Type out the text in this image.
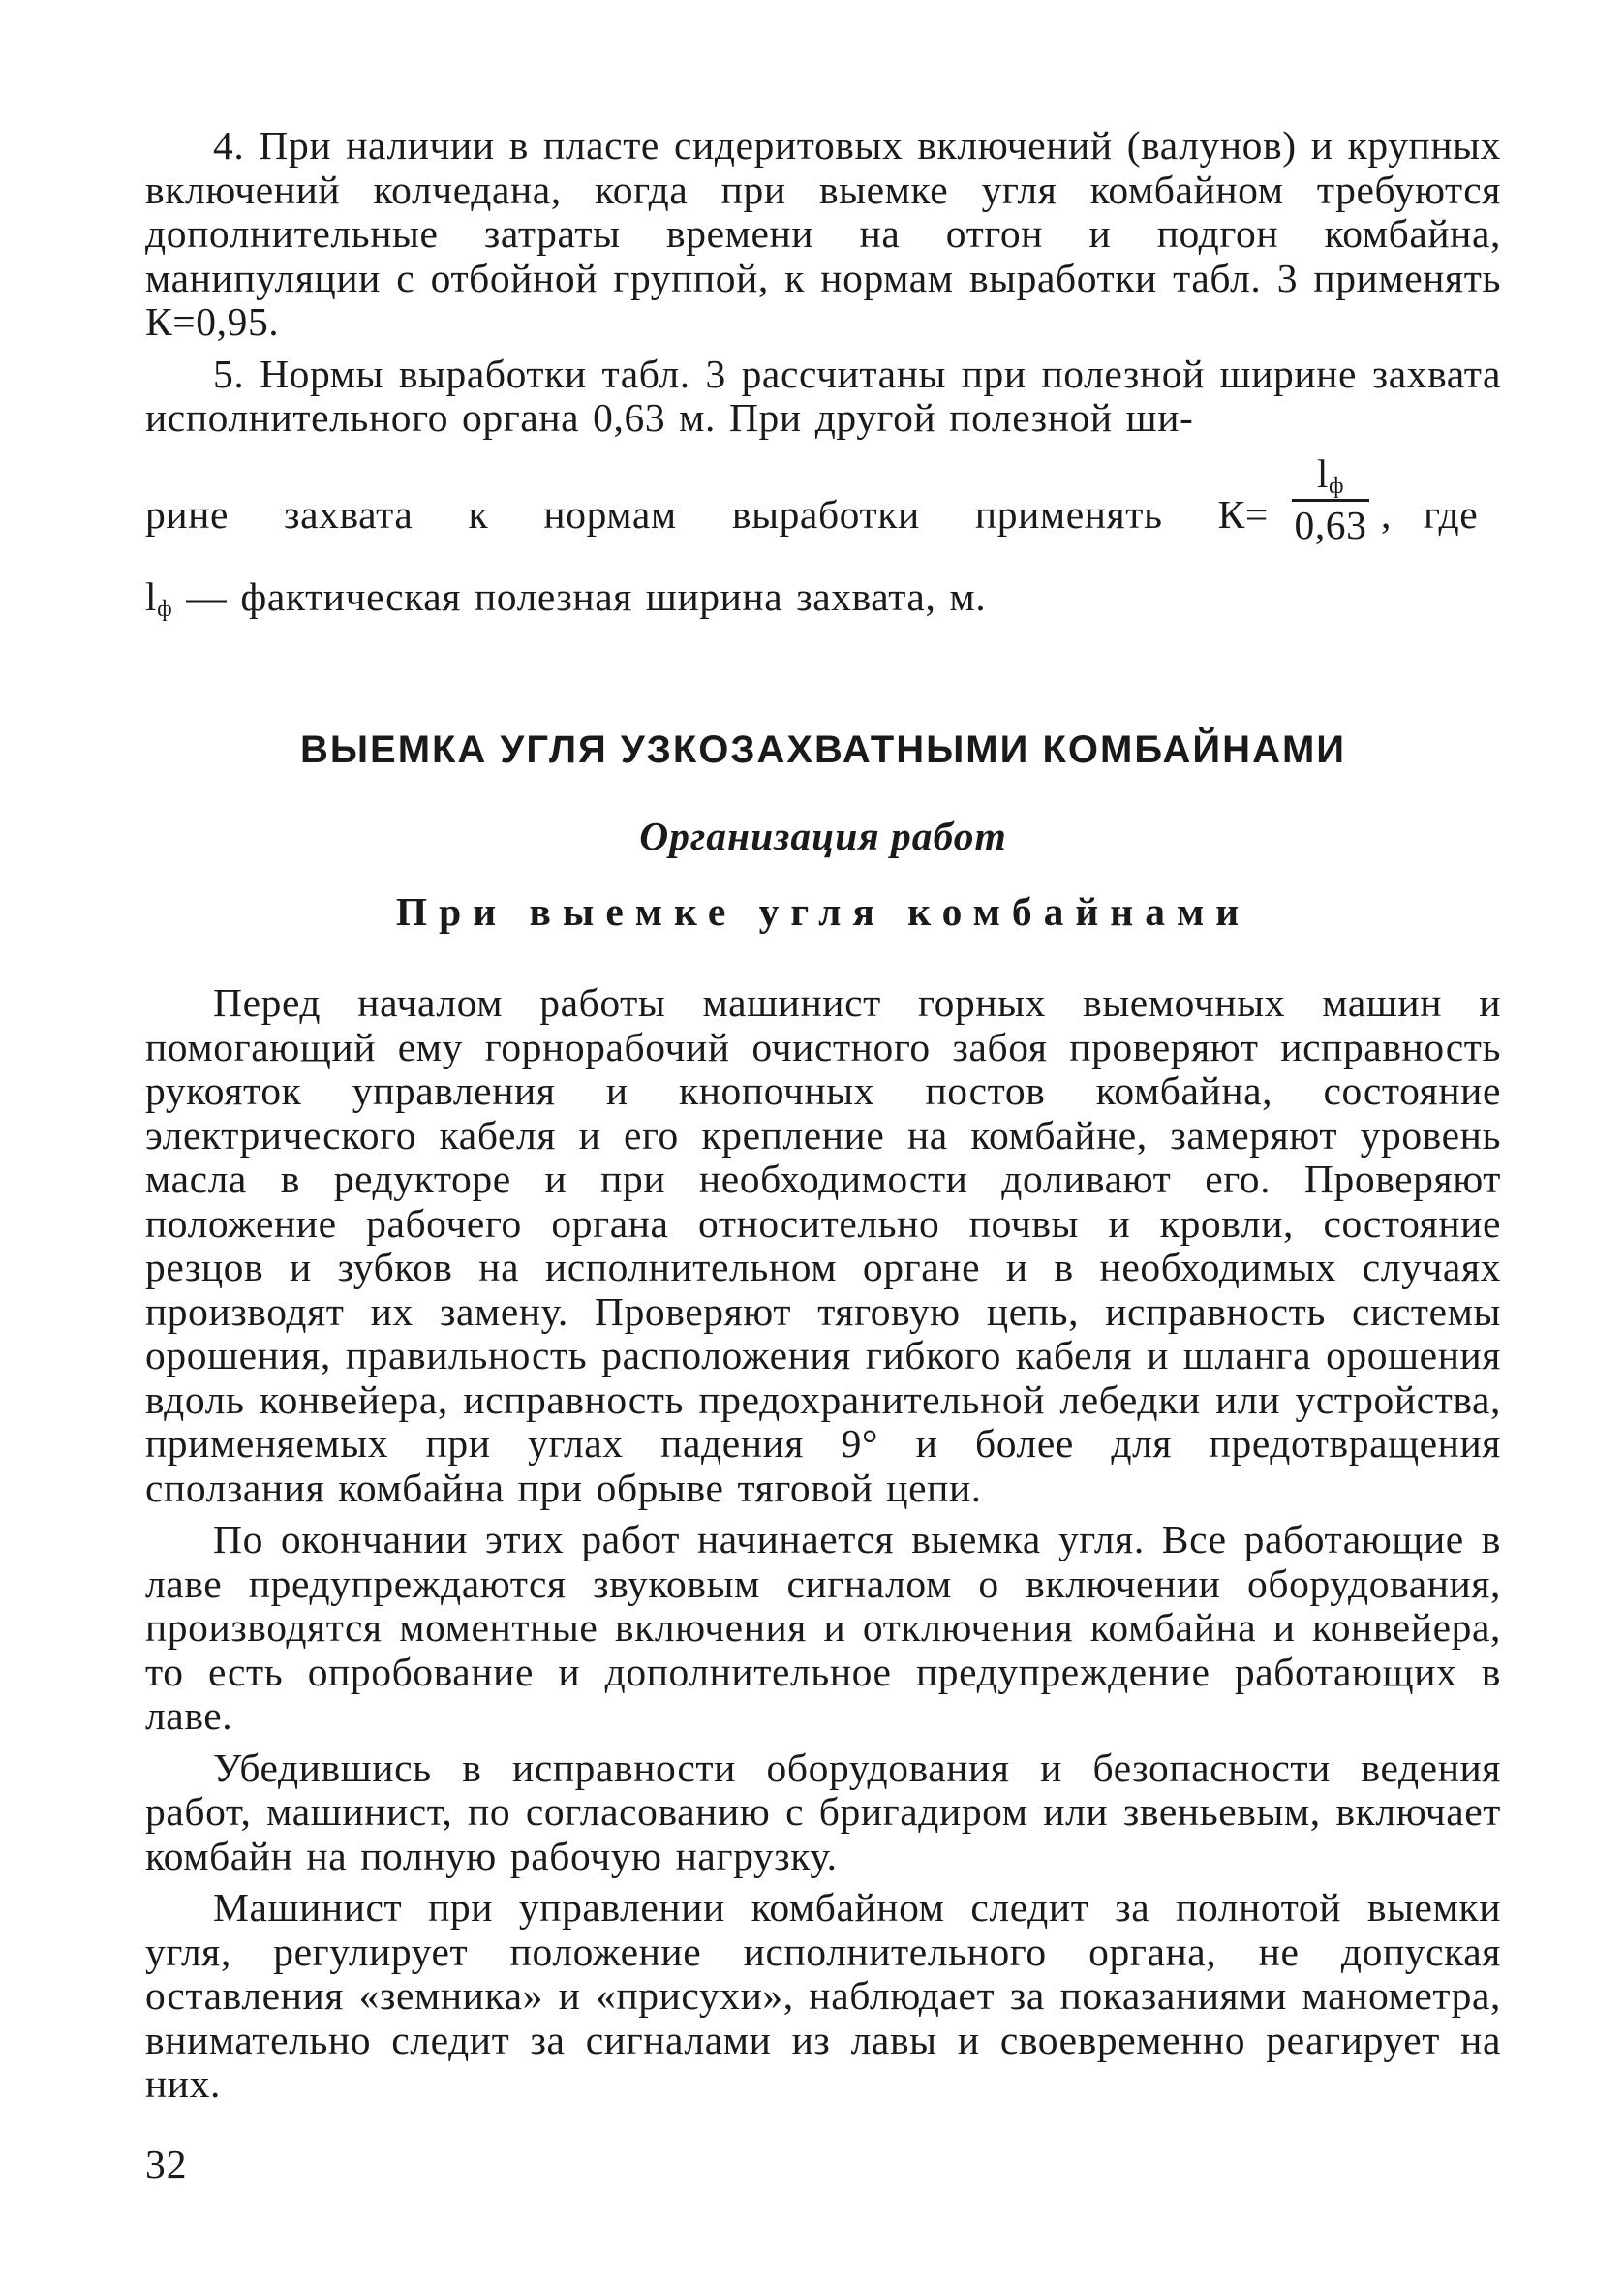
4. При наличии в пласте сидеритовых включений (валунов) и крупных включений колчедана, когда при выемке угля комбайном требуются дополнительные затраты времени на отгон и подгон комбайна, манипуляции с отбойной группой, к нормам выработки табл. 3 применять К=0,95.

5. Нормы выработки табл. 3 рассчитаны при полезной ширине захвата исполнительного органа 0,63 м. При другой полезной ши-

рине захвата к нормам выработки применять К=
$l_ф$
0,63 , где

$l_ф$ — фактическая полезная ширина захвата, м.

ВЫЕМКА УГЛЯ УЗКОЗАХВАТНЫМИ КОМБАЙНАМИ
Организация работ
При выемке угля комбайнами

Перед началом работы машинист горных выемочных машин и помогающий ему горнорабочий очистного забоя проверяют исправность рукояток управления и кнопочных постов комбайна, состояние электрического кабеля и его крепление на комбайне, замеряют уровень масла в редукторе и при необходимости доливают его. Проверяют положение рабочего органа относительно почвы и кровли, состояние резцов и зубков на исполнительном органе и в необходимых случаях производят их замену. Проверяют тяговую цепь, исправность системы орошения, правильность расположения гибкого кабеля и шланга орошения вдоль конвейера, исправность предохранительной лебедки или устройства, применяемых при углах падения 9° и более для предотвращения сползания комбайна при обрыве тяговой цепи.

По окончании этих работ начинается выемка угля. Все работающие в лаве предупреждаются звуковым сигналом о включении оборудования, производятся моментные включения и отключения комбайна и конвейера, то есть опробование и дополнительное предупреждение работающих в лаве.

Убедившись в исправности оборудования и безопасности ведения работ, машинист, по согласованию с бригадиром или звеньевым, включает комбайн на полную рабочую нагрузку.

Машинист при управлении комбайном следит за полнотой выемки угля, регулирует положение исполнительного органа, не допуская оставления «земника» и «присухи», наблюдает за показаниями манометра, внимательно следит за сигналами из лавы и своевременно реагирует на них.

32
